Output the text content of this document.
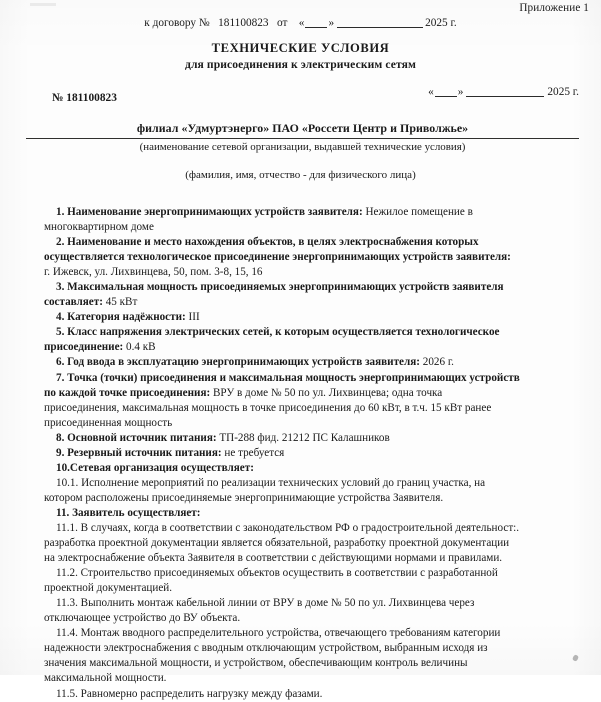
Приложение 1
к договору № 181100823 от « »	2025 г.
ТЕХНИЧЕСКИЕ УСЛОВИЯ
для присоединения к электрическим сетям
№ 181100823	« »	2025 г.
филиал «Удмуртэнерго» ПАО «Россети Центр и Приволжье»
(наименование сетевой организации, выдавшей технические условия)
(фамилия, имя, отчество - для физического лица)
1. Наименование энергопринимающих устройств заявителя: Нежилое помещение в
многоквартирном доме
2. Наименование и место нахождения объектов, в целях электроснабжения которых
осуществляется технологическое присоединение энергопринимающих устройств заявителя:
г. Ижевск, ул. Лихвинцева, 50, пом. 3-8, 15, 16
3. Максимальная мощность присоединяемых энергопринимающих устройств заявителя
составляет: 45 кВт
4. Категория надёжности: III
5. Класс напряжения электрических сетей, к которым осуществляется технологическое
присоединение: 0.4 кВ
6. Год ввода в эксплуатацию энергопринимающих устройств заявителя: 2026 г.
7. Точка (точки) присоединения и максимальная мощность энергопринимающих устройств
по каждой точке присоединения: ВРУ в доме № 50 по ул. Лихвинцева; одна точка
присоединения, максимальная мощность в точке присоединения до 60 кВт, в т.ч. 15 кВт ранее
присоединенная мощность
8. Основной источник питания: ТП-288 фид. 21212 ПС Калашников
9. Резервный источник питания: не требуется
10.Сетевая организация осуществляет:
10.1. Исполнение мероприятий по реализации технических условий до границ участка, на
котором расположены присоединяемые энергопринимающие устройства Заявителя.
11. Заявитель осуществляет:
11.1. В случаях, когда в соответствии с законодательством РФ о градостроительной деятельност:.
разработка проектной документации является обязательной, разработку проектной документации
на электроснабжение объекта Заявителя в соответствии с действующими нормами и правилами.
11.2. Строительство присоединяемых объектов осуществить в соответствии с разработанной
проектной документацией.
11.3. Выполнить монтаж кабельной линии от ВРУ в доме № 50 по ул. Лихвинцева через
отключающее устройство до ВУ объекта.
11.4. Монтаж вводного распределительного устройства, отвечающего требованиям категории
надежности электроснабжения с вводным отключающим устройством, выбранным исходя из
значения максимальной мощности, и устройством, обеспечивающим контроль величины
максимальной мощности.
11.5. Равномерно распределить нагрузку между фазами.
